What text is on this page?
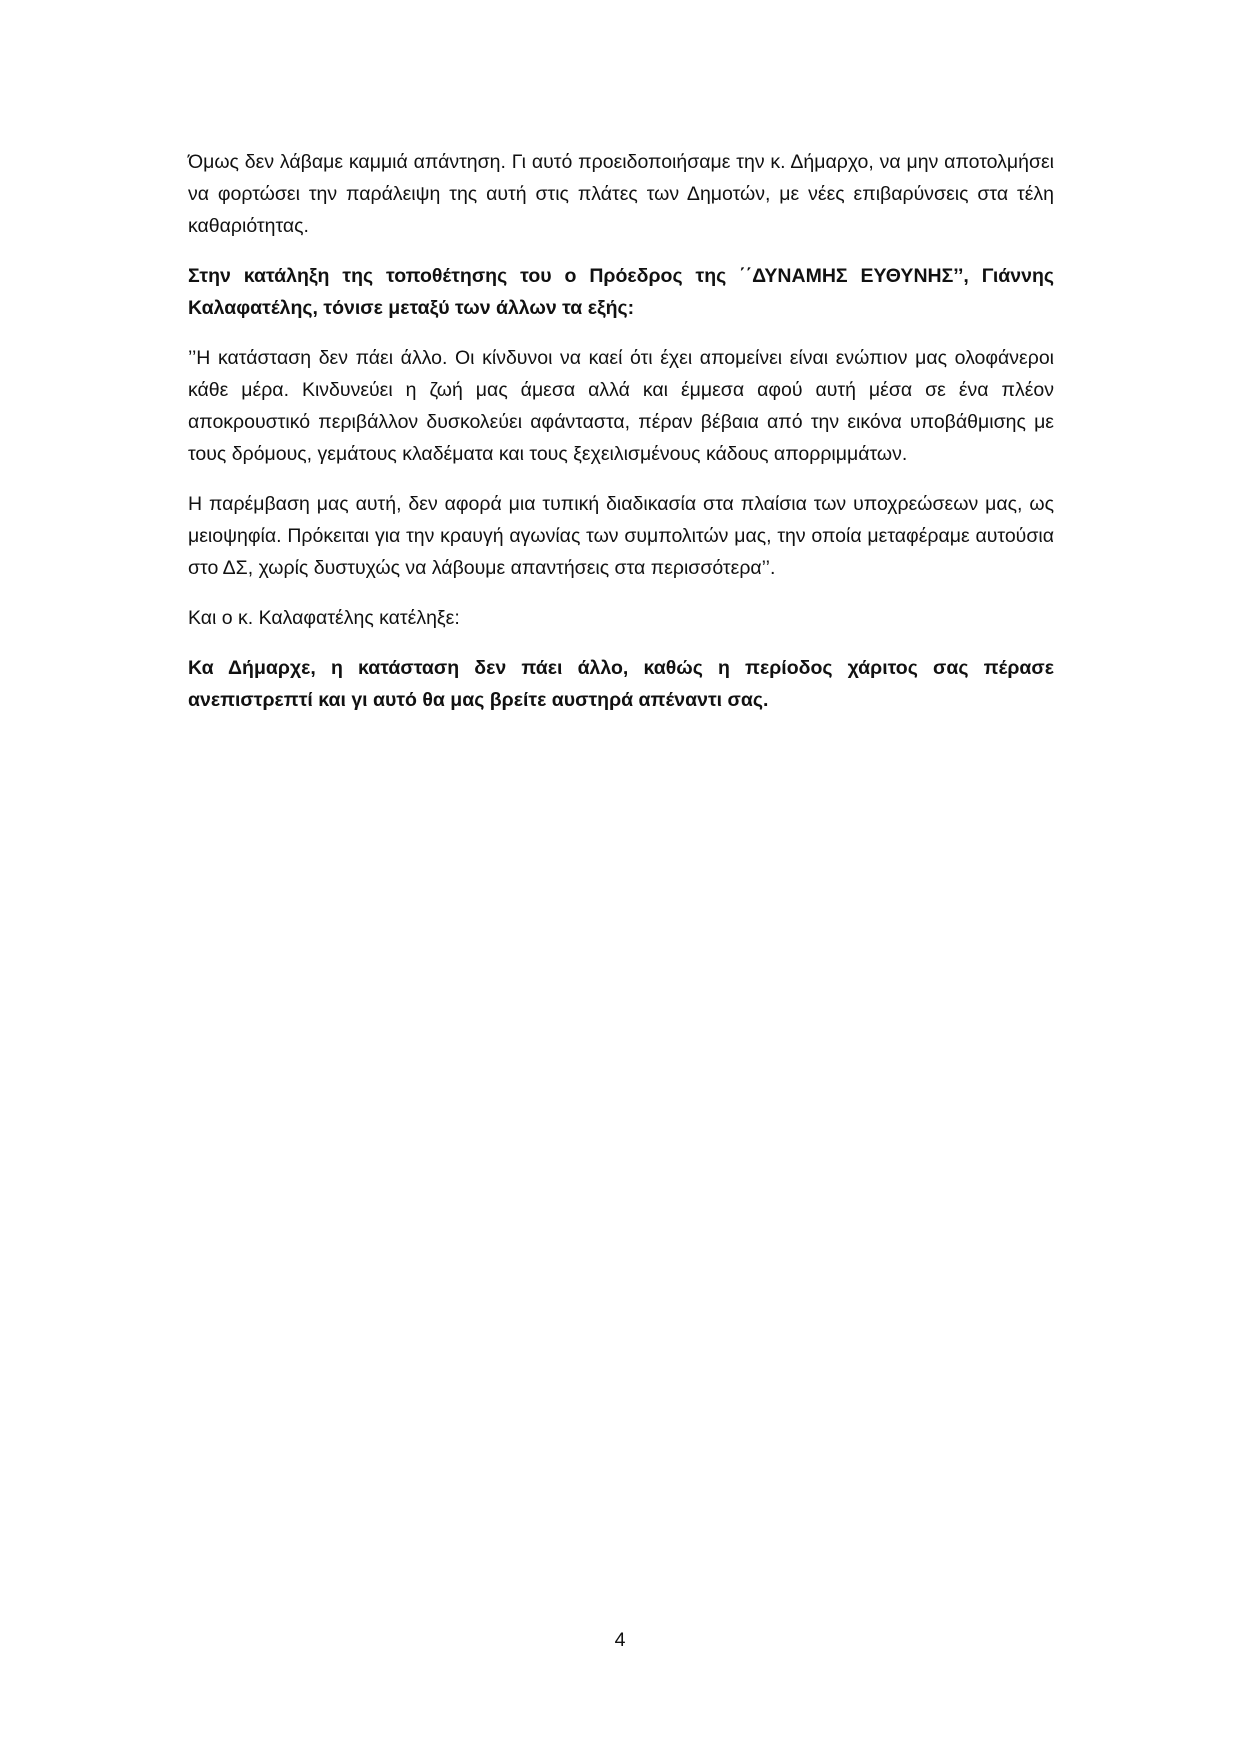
Όμως δεν λάβαμε καμμιά απάντηση. Γι αυτό προειδοποιήσαμε την κ. Δήμαρχο, να μην αποτολμήσει να φορτώσει την παράλειψη της αυτή στις πλάτες των Δημοτών, με νέες επιβαρύνσεις στα τέλη καθαριότητας.

Στην κατάληξη της τοποθέτησης του ο Πρόεδρος της ΄΄ΔΥΝΑΜΗΣ ΕΥΘΥΝΗΣ’’, Γιάννης Καλαφατέλης, τόνισε μεταξύ των άλλων τα εξής:

’’Η κατάσταση δεν πάει άλλο. Οι κίνδυνοι να καεί ότι έχει απομείνει είναι ενώπιον μας ολοφάνεροι κάθε μέρα. Κινδυνεύει η ζωή μας άμεσα αλλά και έμμεσα αφού αυτή μέσα σε ένα πλέον αποκρουστικό περιβάλλον δυσκολεύει αφάνταστα, πέραν βέβαια από την εικόνα υποβάθμισης με τους δρόμους, γεμάτους κλαδέματα και τους ξεχειλισμένους κάδους απορριμμάτων.

Η παρέμβαση μας αυτή, δεν αφορά μια τυπική διαδικασία στα πλαίσια των υποχρεώσεων μας, ως μειοψηφία. Πρόκειται για την κραυγή αγωνίας των συμπολιτών μας, την οποία μεταφέραμε αυτούσια στο ΔΣ, χωρίς δυστυχώς να λάβουμε απαντήσεις στα περισσότερα’’.

Και ο κ. Καλαφατέλης κατέληξε:

Κα Δήμαρχε, η κατάσταση δεν πάει άλλο, καθώς η περίοδος χάριτος σας πέρασε ανεπιστρεπτί και γι αυτό θα μας βρείτε αυστηρά απέναντι σας.

4
